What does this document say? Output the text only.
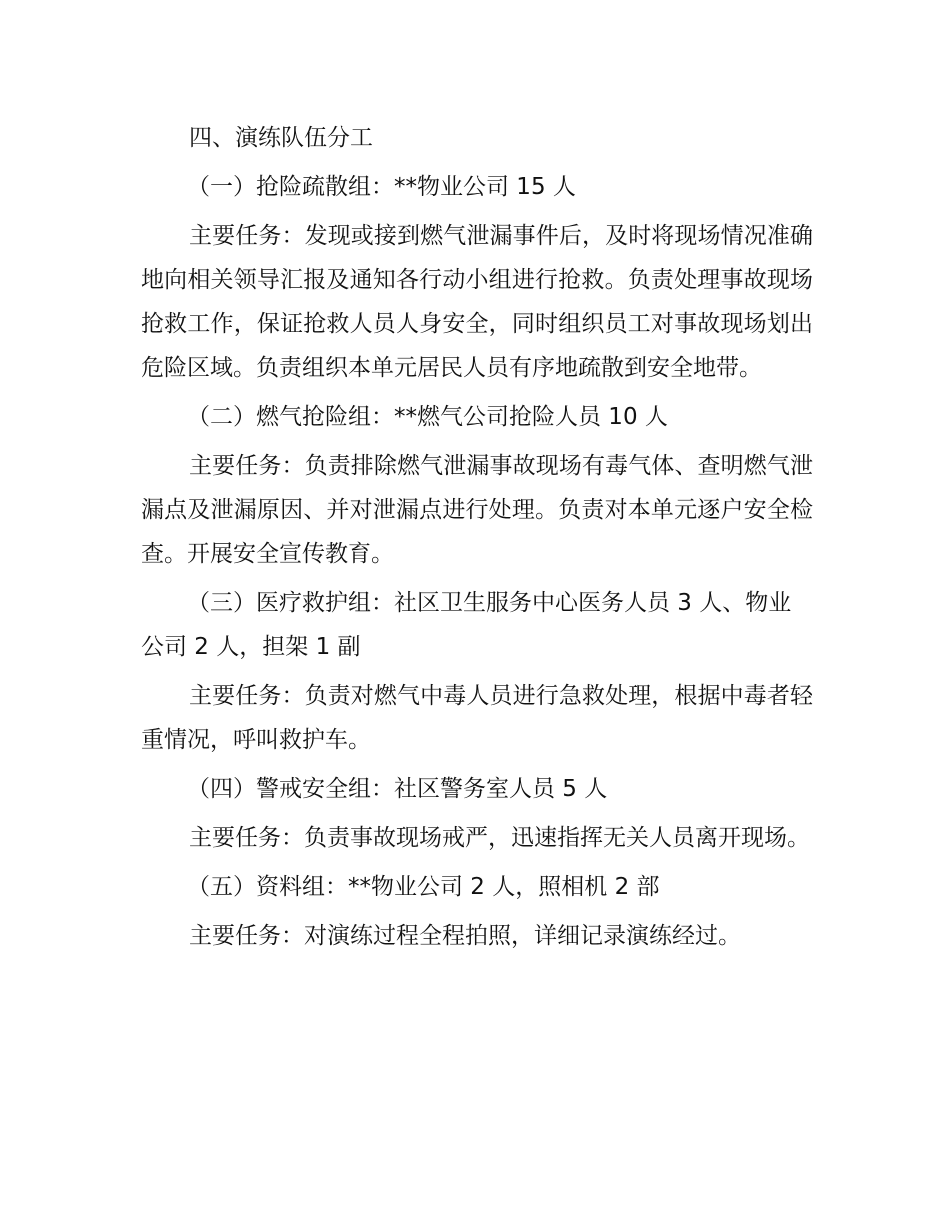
四、演练队伍分工

（一）抢险疏散组：**物业公司 15 人

主要任务：发现或接到燃气泄漏事件后，及时将现场情况准确地向相关领导汇报及通知各行动小组进行抢救。负责处理事故现场抢救工作，保证抢救人员人身安全，同时组织员工对事故现场划出危险区域。负责组织本单元居民人员有序地疏散到安全地带。

（二）燃气抢险组：**燃气公司抢险人员 10 人

主要任务：负责排除燃气泄漏事故现场有毒气体、查明燃气泄漏点及泄漏原因、并对泄漏点进行处理。负责对本单元逐户安全检查。开展安全宣传教育。

（三）医疗救护组：社区卫生服务中心医务人员 3 人、物业公司 2 人，担架 1 副

主要任务：负责对燃气中毒人员进行急救处理，根据中毒者轻重情况，呼叫救护车。

（四）警戒安全组：社区警务室人员 5 人

主要任务：负责事故现场戒严，迅速指挥无关人员离开现场。

（五）资料组：**物业公司 2 人，照相机 2 部

主要任务：对演练过程全程拍照，详细记录演练经过。
